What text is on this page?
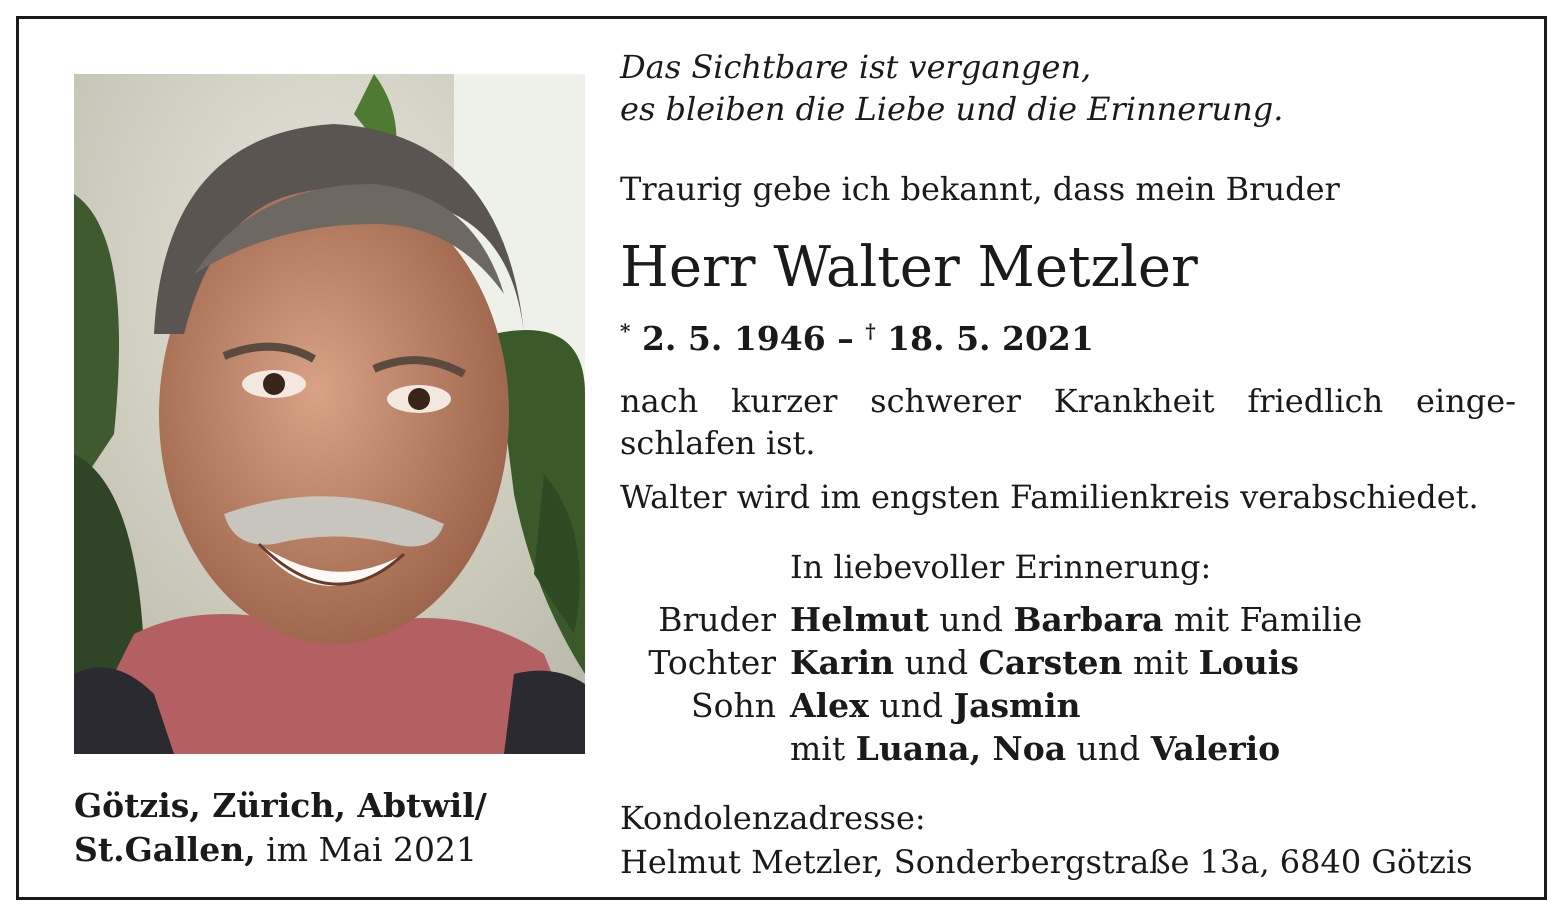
Das Sichtbare ist vergangen,
es bleiben die Liebe und die Erinnerung.
Traurig gebe ich bekannt, dass mein Bruder
Herr Walter Metzler
* 2. 5. 1946 – † 18. 5. 2021
nach kurzer schwerer Krankheit friedlich einge- schlafen ist.
Walter wird im engsten Familienkreis verabschiedet.
In liebevoller Erinnerung:
Bruder Helmut und Barbara mit Familie
Tochter Karin und Carsten mit Louis
Sohn Alex und Jasmin
mit Luana, Noa und Valerio
Götzis, Zürich, Abtwil/
St.Gallen, im Mai 2021
Kondolenzadresse:
Helmut Metzler, Sonderbergstraße 13a, 6840 Götzis
